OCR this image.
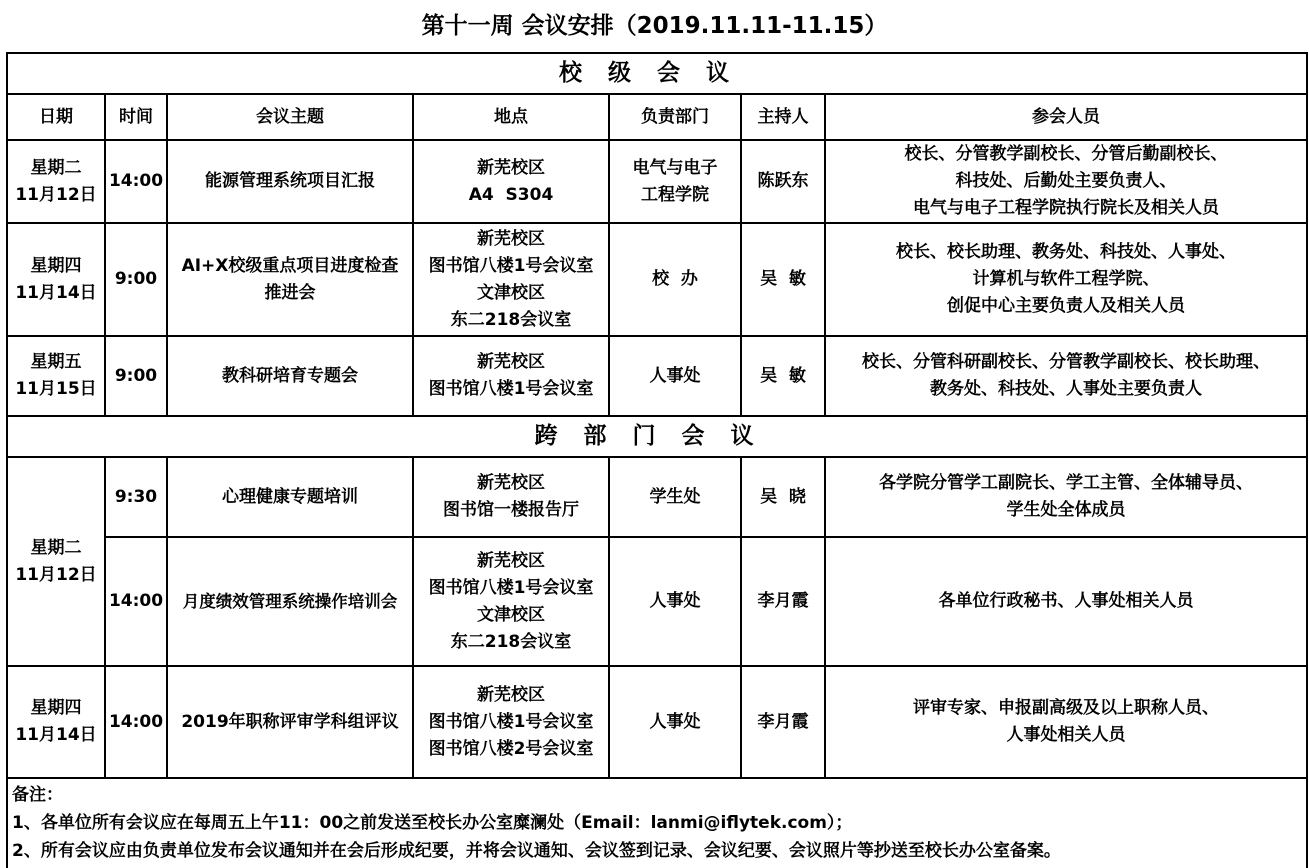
第十一周 会议安排（2019.11.11-11.15）
校级会议						
日期	时间	会议主题	地点	负责部门	主持人	参会人员

星期二
11月12日	14:00	能源管理系统项目汇报	新芜校区
A4  S304	电气与电子
工程学院	陈跃东	校长、分管教学副校长、分管后勤副校长、
科技处、后勤处主要负责人、
电气与电子工程学院执行院长及相关人员

星期四
11月14日	9:00	AI+X校级重点项目进度检查
推进会	新芜校区
图书馆八楼1号会议室
文津校区
东二218会议室	校  办	吴  敏	校长、校长助理、教务处、科技处、人事处、
计算机与软件工程学院、
创促中心主要负责人及相关人员

星期五
11月15日	9:00	教科研培育专题会	新芜校区
图书馆八楼1号会议室	人事处	吴  敏	校长、分管科研副校长、分管教学副校长、校长助理、
教务处、科技处、人事处主要负责人

跨部门会议						

星期二
11月12日	9:30	心理健康专题培训	新芜校区
图书馆一楼报告厅	学生处	吴  晓	各学院分管学工副院长、学工主管、全体辅导员、
学生处全体成员

	14:00	月度绩效管理系统操作培训会	新芜校区
图书馆八楼1号会议室
文津校区
东二218会议室	人事处	李月霞	各单位行政秘书、人事处相关人员

星期四
11月14日	14:00	2019年职称评审学科组评议	新芜校区
图书馆八楼1号会议室
图书馆八楼2号会议室	人事处	李月霞	评审专家、申报副高级及以上职称人员、
人事处相关人员

备注：
1、各单位所有会议应在每周五上午11：00之前发送至校长办公室糜澜处（Email：lanmi@iflytek.com）；
2、所有会议应由负责单位发布会议通知并在会后形成纪要，并将会议通知、会议签到记录、会议纪要、会议照片等抄送至校长办公室备案。						
